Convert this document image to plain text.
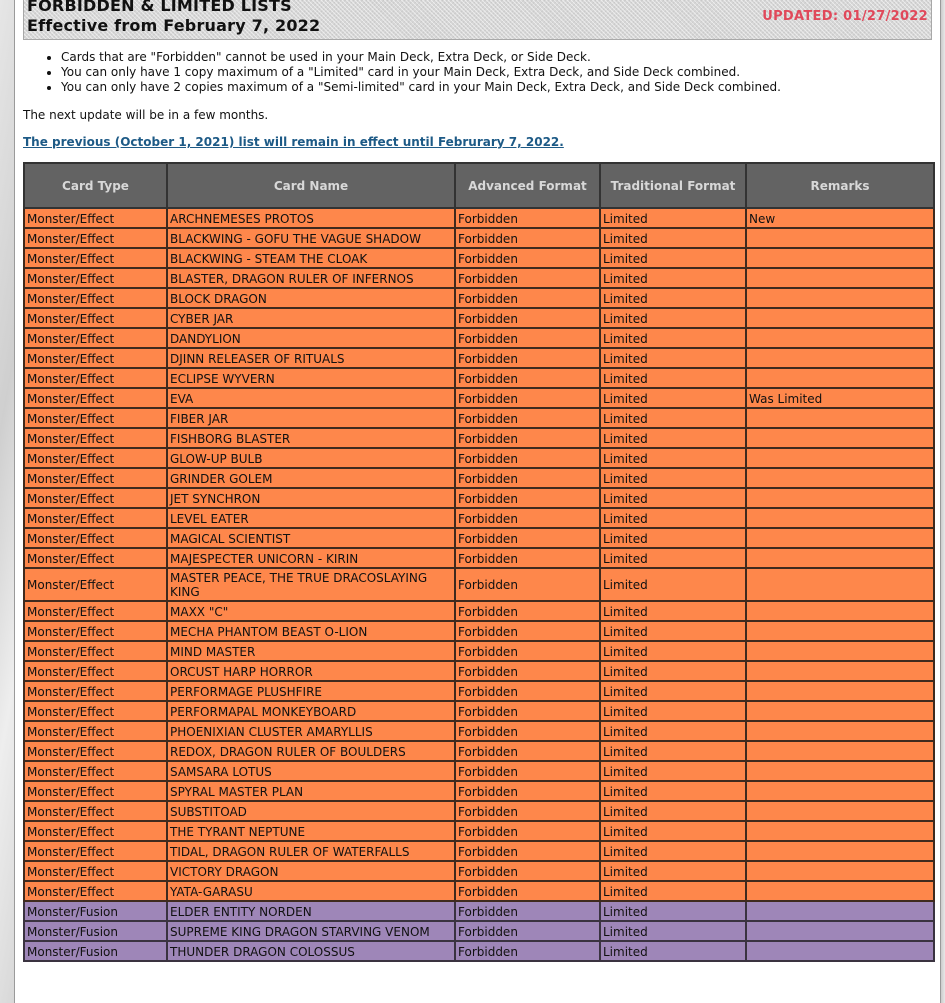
FORBIDDEN & LIMITED LISTS
Effective from February 7, 2022	UPDATED: 01/27/2022
• Cards that are "Forbidden" cannot be used in your Main Deck, Extra Deck, or Side Deck.
• You can only have 1 copy maximum of a "Limited" card in your Main Deck, Extra Deck, and Side Deck combined.
• You can only have 2 copies maximum of a "Semi-limited" card in your Main Deck, Extra Deck, and Side Deck combined.
The next update will be in a few months.
The previous (October 1, 2021) list will remain in effect until Februrary 7, 2022.
Card Type	Card Name	Advanced Format	Traditional Format	Remarks
Monster/Effect	ARCHNEMESES PROTOS	Forbidden	Limited	New
Monster/Effect	BLACKWING - GOFU THE VAGUE SHADOW	Forbidden	Limited	
Monster/Effect	BLACKWING - STEAM THE CLOAK	Forbidden	Limited	
Monster/Effect	BLASTER, DRAGON RULER OF INFERNOS	Forbidden	Limited	
Monster/Effect	BLOCK DRAGON	Forbidden	Limited	
Monster/Effect	CYBER JAR	Forbidden	Limited	
Monster/Effect	DANDYLION	Forbidden	Limited	
Monster/Effect	DJINN RELEASER OF RITUALS	Forbidden	Limited	
Monster/Effect	ECLIPSE WYVERN	Forbidden	Limited	
Monster/Effect	EVA	Forbidden	Limited	Was Limited
Monster/Effect	FIBER JAR	Forbidden	Limited	
Monster/Effect	FISHBORG BLASTER	Forbidden	Limited	
Monster/Effect	GLOW-UP BULB	Forbidden	Limited	
Monster/Effect	GRINDER GOLEM	Forbidden	Limited	
Monster/Effect	JET SYNCHRON	Forbidden	Limited	
Monster/Effect	LEVEL EATER	Forbidden	Limited	
Monster/Effect	MAGICAL SCIENTIST	Forbidden	Limited	
Monster/Effect	MAJESPECTER UNICORN - KIRIN	Forbidden	Limited	
Monster/Effect	MASTER PEACE, THE TRUE DRACOSLAYING KING	Forbidden	Limited	
Monster/Effect	MAXX "C"	Forbidden	Limited	
Monster/Effect	MECHA PHANTOM BEAST O-LION	Forbidden	Limited	
Monster/Effect	MIND MASTER	Forbidden	Limited	
Monster/Effect	ORCUST HARP HORROR	Forbidden	Limited	
Monster/Effect	PERFORMAGE PLUSHFIRE	Forbidden	Limited	
Monster/Effect	PERFORMAPAL MONKEYBOARD	Forbidden	Limited	
Monster/Effect	PHOENIXIAN CLUSTER AMARYLLIS	Forbidden	Limited	
Monster/Effect	REDOX, DRAGON RULER OF BOULDERS	Forbidden	Limited	
Monster/Effect	SAMSARA LOTUS	Forbidden	Limited	
Monster/Effect	SPYRAL MASTER PLAN	Forbidden	Limited	
Monster/Effect	SUBSTITOAD	Forbidden	Limited	
Monster/Effect	THE TYRANT NEPTUNE	Forbidden	Limited	
Monster/Effect	TIDAL, DRAGON RULER OF WATERFALLS	Forbidden	Limited	
Monster/Effect	VICTORY DRAGON	Forbidden	Limited	
Monster/Effect	YATA-GARASU	Forbidden	Limited	
Monster/Fusion	ELDER ENTITY NORDEN	Forbidden	Limited	
Monster/Fusion	SUPREME KING DRAGON STARVING VENOM	Forbidden	Limited	
Monster/Fusion	THUNDER DRAGON COLOSSUS	Forbidden	Limited	
